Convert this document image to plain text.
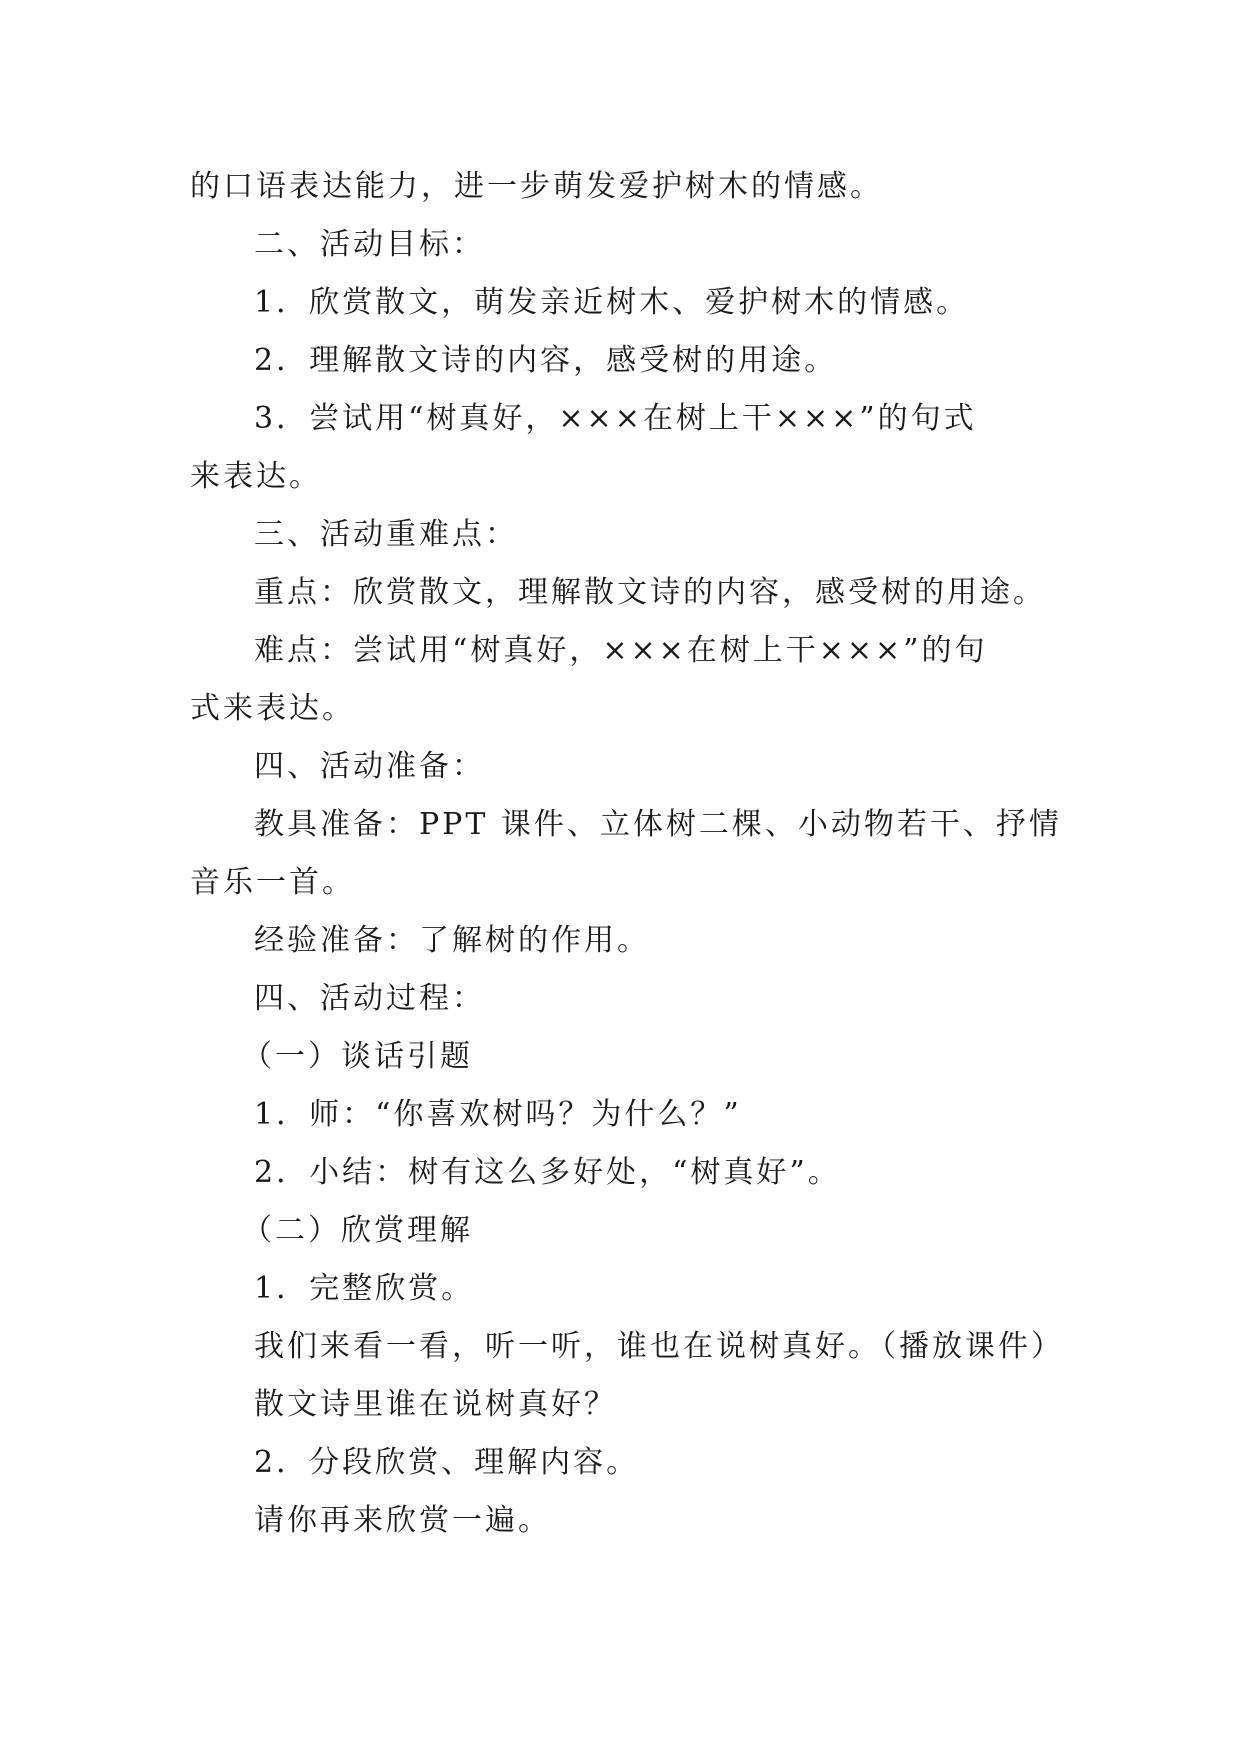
的口语表达能力，进一步萌发爱护树木的情感。

二、活动目标：

1．欣赏散文，萌发亲近树木、爱护树木的情感。

2．理解散文诗的内容，感受树的用途。

3．尝试用“树真好，×××在树上干×××”的句式

来表达。

三、活动重难点：

重点：欣赏散文，理解散文诗的内容，感受树的用途。

难点：尝试用“树真好，×××在树上干×××”的句

式来表达。

四、活动准备：

教具准备：PPT 课件、立体树二棵、小动物若干、抒情

音乐一首。

经验准备：了解树的作用。

四、活动过程：

（一）谈话引题

1．师：“你喜欢树吗？为什么？”

2．小结：树有这么多好处，“树真好”。

（二）欣赏理解

1．完整欣赏。

我们来看一看，听一听，谁也在说树真好。（播放课件）

散文诗里谁在说树真好？

2．分段欣赏、理解内容。

请你再来欣赏一遍。
